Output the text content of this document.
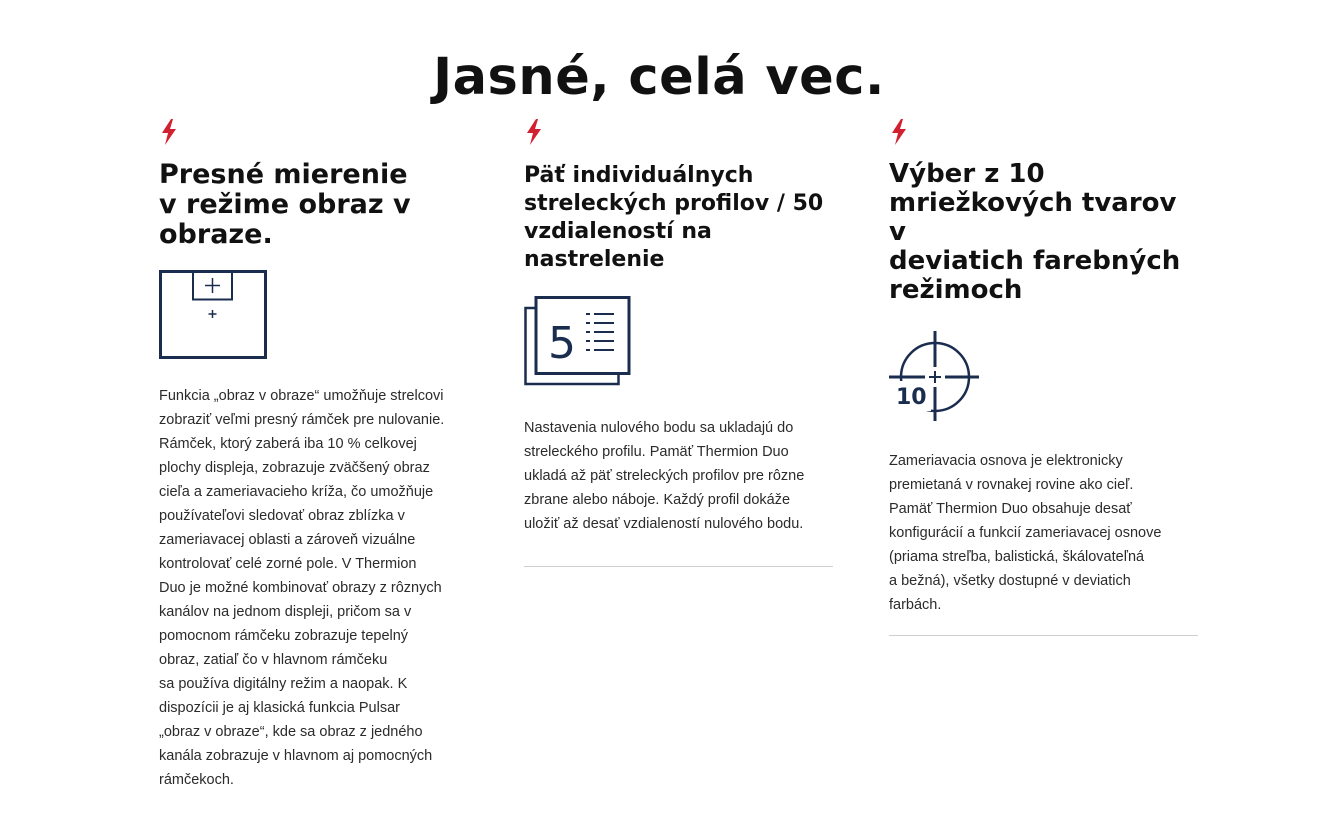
Jasné, celá vec.
Presné mierenie
v režime obraz v
obraze.

Funkcia „obraz v obraze“ umožňuje strelcovi
zobraziť veľmi presný rámček pre nulovanie.
Rámček, ktorý zaberá iba 10 % celkovej
plochy displeja, zobrazuje zväčšený obraz
cieľa a zameriavacieho kríža, čo umožňuje
používateľovi sledovať obraz zblízka v
zameriavacej oblasti a zároveň vizuálne
kontrolovať celé zorné pole. V Thermion
Duo je možné kombinovať obrazy z rôznych
kanálov na jednom displeji, pričom sa v
pomocnom rámčeku zobrazuje tepelný
obraz, zatiaľ čo v hlavnom rámčeku
sa používa digitálny režim a naopak. K
dispozícii je aj klasická funkcia Pulsar
„obraz v obraze“, kde sa obraz z jedného
kanála zobrazuje v hlavnom aj pomocných
rámčekoch.

Päť individuálnych
streleckých profilov / 50
vzdialeností na nastrelenie
5

Nastavenia nulového bodu sa ukladajú do
streleckého profilu. Pamäť Thermion Duo
ukladá až päť streleckých profilov pre rôzne
zbrane alebo náboje. Každý profil dokáže
uložiť až desať vzdialeností nulového bodu.

Výber z 10
mriežkových tvarov v
deviatich farebných
režimoch
10

Zameriavacia osnova je elektronicky
premietaná v rovnakej rovine ako cieľ.
Pamäť Thermion Duo obsahuje desať
konfigurácií a funkcií zameriavacej osnove
(priama streľba, balistická, škálovateľná
a bežná), všetky dostupné v deviatich
farbách.
